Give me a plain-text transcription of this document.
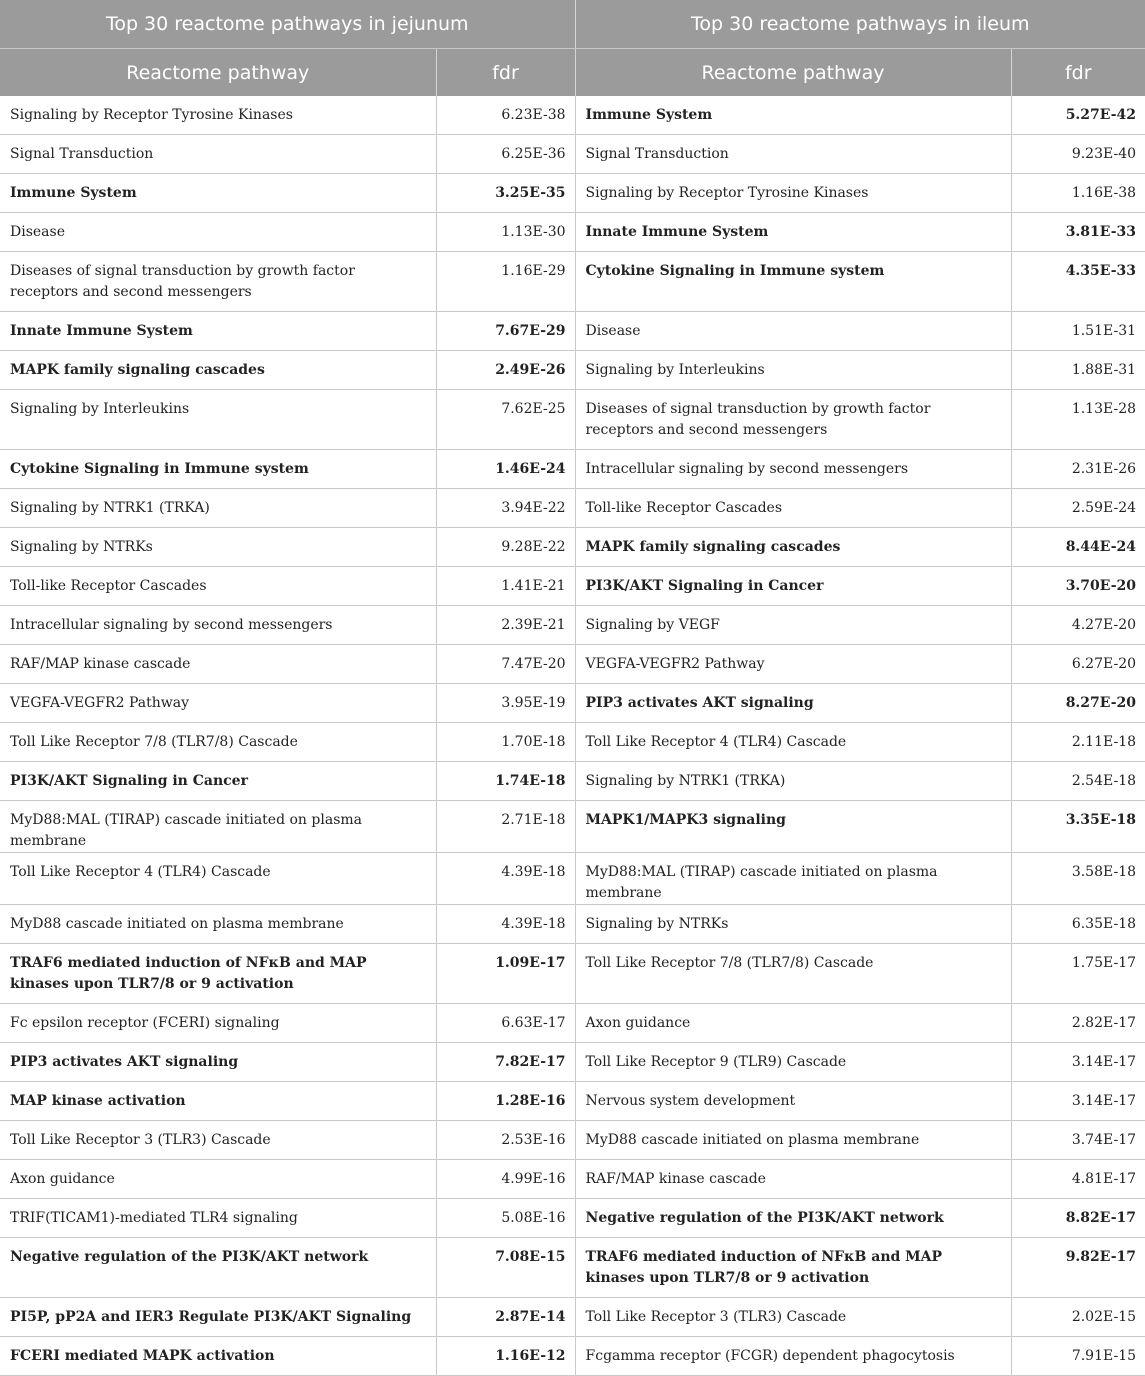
Top 30 reactome pathways in jejunum		Top 30 reactome pathways in ileum	
Reactome pathway	fdr	Reactome pathway	fdr
Signaling by Receptor Tyrosine Kinases	6.23E-38	Immune System	5.27E-42
Signal Transduction	6.25E-36	Signal Transduction	9.23E-40
Immune System	3.25E-35	Signaling by Receptor Tyrosine Kinases	1.16E-38
Disease	1.13E-30	Innate Immune System	3.81E-33
Diseases of signal transduction by growth factor receptors and second messengers	1.16E-29	Cytokine Signaling in Immune system	4.35E-33
Innate Immune System	7.67E-29	Disease	1.51E-31
MAPK family signaling cascades	2.49E-26	Signaling by Interleukins	1.88E-31
Signaling by Interleukins	7.62E-25	Diseases of signal transduction by growth factor receptors and second messengers	1.13E-28
Cytokine Signaling in Immune system	1.46E-24	Intracellular signaling by second messengers	2.31E-26
Signaling by NTRK1 (TRKA)	3.94E-22	Toll-like Receptor Cascades	2.59E-24
Signaling by NTRKs	9.28E-22	MAPK family signaling cascades	8.44E-24
Toll-like Receptor Cascades	1.41E-21	PI3K/AKT Signaling in Cancer	3.70E-20
Intracellular signaling by second messengers	2.39E-21	Signaling by VEGF	4.27E-20
RAF/MAP kinase cascade	7.47E-20	VEGFA-VEGFR2 Pathway	6.27E-20
VEGFA-VEGFR2 Pathway	3.95E-19	PIP3 activates AKT signaling	8.27E-20
Toll Like Receptor 7/8 (TLR7/8) Cascade	1.70E-18	Toll Like Receptor 4 (TLR4) Cascade	2.11E-18
PI3K/AKT Signaling in Cancer	1.74E-18	Signaling by NTRK1 (TRKA)	2.54E-18
MyD88:MAL (TIRAP) cascade initiated on plasma membrane	2.71E-18	MAPK1/MAPK3 signaling	3.35E-18
Toll Like Receptor 4 (TLR4) Cascade	4.39E-18	MyD88:MAL (TIRAP) cascade initiated on plasma membrane	3.58E-18
MyD88 cascade initiated on plasma membrane	4.39E-18	Signaling by NTRKs	6.35E-18
TRAF6 mediated induction of NFκB and MAP kinases upon TLR7/8 or 9 activation	1.09E-17	Toll Like Receptor 7/8 (TLR7/8) Cascade	1.75E-17
Fc epsilon receptor (FCERI) signaling	6.63E-17	Axon guidance	2.82E-17
PIP3 activates AKT signaling	7.82E-17	Toll Like Receptor 9 (TLR9) Cascade	3.14E-17
MAP kinase activation	1.28E-16	Nervous system development	3.14E-17
Toll Like Receptor 3 (TLR3) Cascade	2.53E-16	MyD88 cascade initiated on plasma membrane	3.74E-17
Axon guidance	4.99E-16	RAF/MAP kinase cascade	4.81E-17
TRIF(TICAM1)-mediated TLR4 signaling	5.08E-16	Negative regulation of the PI3K/AKT network	8.82E-17
Negative regulation of the PI3K/AKT network	7.08E-15	TRAF6 mediated induction of NFκB and MAP kinases upon TLR7/8 or 9 activation	9.82E-17
PI5P, pP2A and IER3 Regulate PI3K/AKT Signaling	2.87E-14	Toll Like Receptor 3 (TLR3) Cascade	2.02E-15
FCERI mediated MAPK activation	1.16E-12	Fcgamma receptor (FCGR) dependent phagocytosis	7.91E-15
